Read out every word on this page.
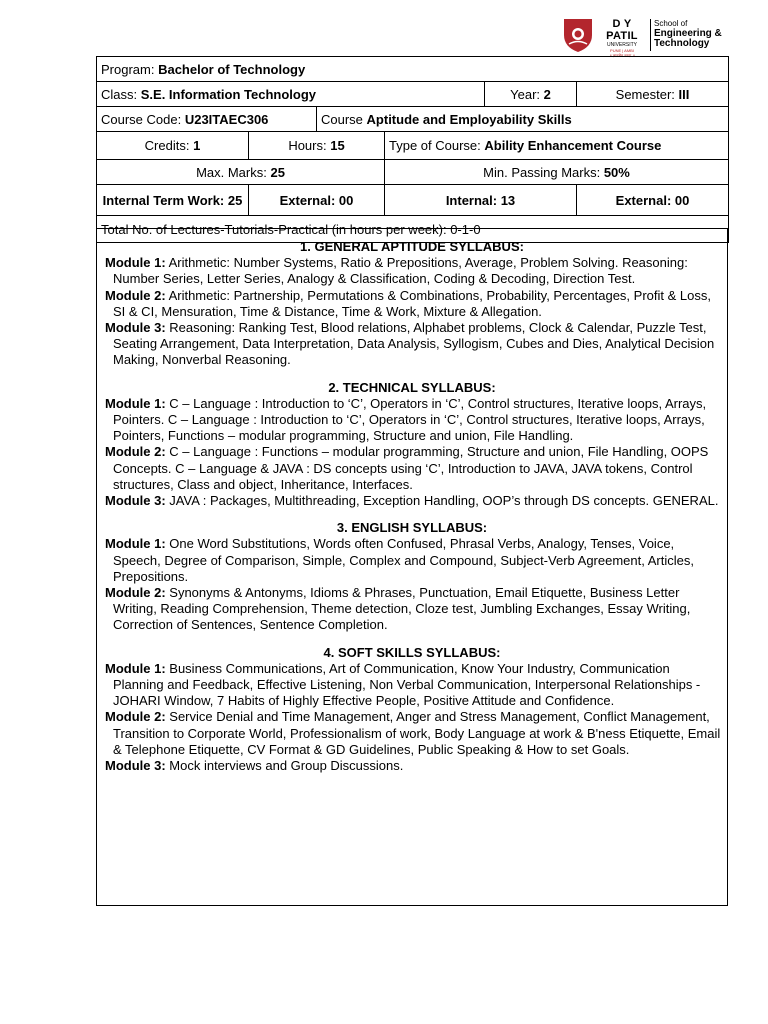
D Y PATIL
UNIVERSITY
PUNE | AMBI
॥ ज्ञानमेव वरदा ॥
School of
Engineering &
Technology
Program: Bachelor of Technology					
Class: S.E. Information Technology				Year: 2	Semester: III
Course Code: U23ITAEC306		Course Aptitude and Employability Skills			
Credits: 1	Hours: 15		Type of Course: Ability Enhancement Course		
Max. Marks: 25			Min. Passing Marks: 50%		
Internal Term Work: 25	External: 00		Internal: 13		External: 00
Total No. of Lectures-Tutorials-Practical (in hours per week): 0-1-0					
1. GENERAL APTITUDE SYLLABUS:
Module 1: Arithmetic: Number Systems, Ratio & Prepositions, Average, Problem Solving. Reasoning: Number Series, Letter Series, Analogy & Classification, Coding & Decoding, Direction Test.
Module 2: Arithmetic: Partnership, Permutations & Combinations, Probability, Percentages, Profit & Loss, SI & CI, Mensuration, Time & Distance, Time & Work, Mixture & Allegation.
Module 3: Reasoning: Ranking Test, Blood relations, Alphabet problems, Clock & Calendar, Puzzle Test, Seating Arrangement, Data Interpretation, Data Analysis, Syllogism, Cubes and Dies, Analytical Decision Making, Nonverbal Reasoning.
2. TECHNICAL SYLLABUS:
Module 1: C – Language : Introduction to ‘C’, Operators in ‘C’, Control structures, Iterative loops, Arrays, Pointers. C – Language : Introduction to ‘C’, Operators in ‘C’, Control structures, Iterative loops, Arrays, Pointers, Functions – modular programming, Structure and union, File Handling.
Module 2: C – Language : Functions – modular programming, Structure and union, File Handling, OOPS Concepts. C – Language & JAVA : DS concepts using ‘C’, Introduction to JAVA, JAVA tokens, Control structures, Class and object, Inheritance, Interfaces.
Module 3: JAVA : Packages, Multithreading, Exception Handling, OOP’s through DS concepts. GENERAL.
3. ENGLISH SYLLABUS:
Module 1: One Word Substitutions, Words often Confused, Phrasal Verbs, Analogy, Tenses, Voice, Speech, Degree of Comparison, Simple, Complex and Compound, Subject-Verb Agreement, Articles, Prepositions.
Module 2: Synonyms & Antonyms, Idioms & Phrases, Punctuation, Email Etiquette, Business Letter Writing, Reading Comprehension, Theme detection, Cloze test, Jumbling Exchanges, Essay Writing, Correction of Sentences, Sentence Completion.
4. SOFT SKILLS SYLLABUS:
Module 1: Business Communications, Art of Communication, Know Your Industry, Communication Planning and Feedback, Effective Listening, Non Verbal Communication, Interpersonal Relationships - JOHARI Window, 7 Habits of Highly Effective People, Positive Attitude and Confidence.
Module 2: Service Denial and Time Management, Anger and Stress Management, Conflict Management, Transition to Corporate World, Professionalism of work, Body Language at work & B'ness Etiquette, Email & Telephone Etiquette, CV Format & GD Guidelines, Public Speaking & How to set Goals.
Module 3: Mock interviews and Group Discussions.
